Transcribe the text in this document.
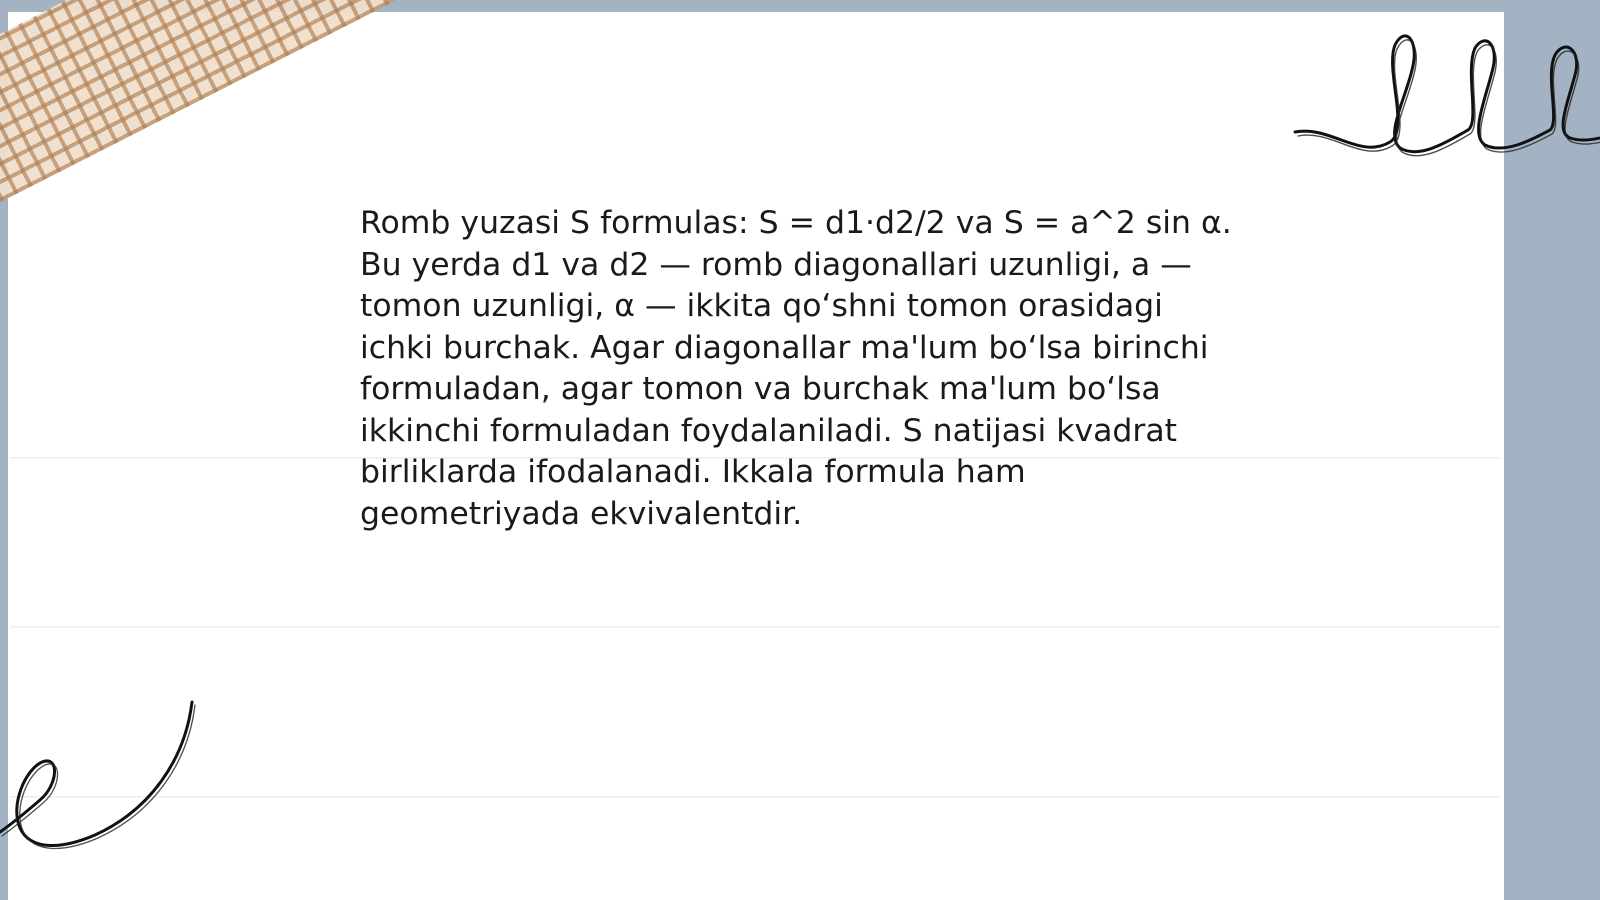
Romb yuzasi S formulas: S = d1·d2/2 va S = a^2 sin α.
Bu yerda d1 va d2 — romb diagonallari uzunligi, a —
tomon uzunligi, α — ikkita qo‘shni tomon orasidagi
ichki burchak. Agar diagonallar ma'lum bo‘lsa birinchi
formuladan, agar tomon va burchak ma'lum bo‘lsa
ikkinchi formuladan foydalaniladi. S natijasi kvadrat
birliklarda ifodalanadi. Ikkala formula ham
geometriyada ekvivalentdir.
